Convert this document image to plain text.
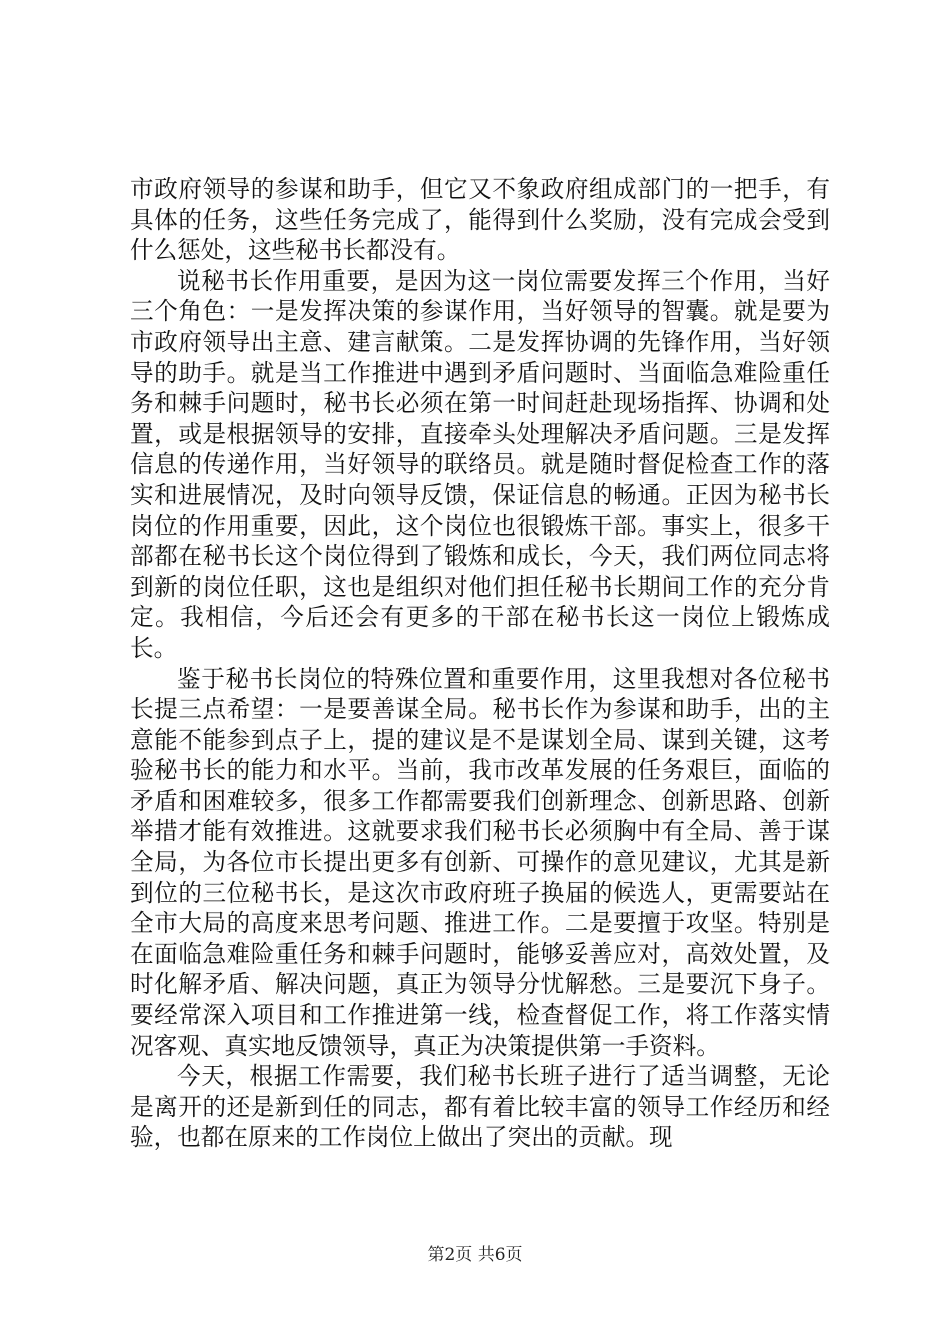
市政府领导的参谋和助手，但它又不象政府组成部门的一把手，有具体的任务，这些任务完成了，能得到什么奖励，没有完成会受到什么惩处，这些秘书长都没有。

说秘书长作用重要，是因为这一岗位需要发挥三个作用，当好三个角色：一是发挥决策的参谋作用，当好领导的智囊。就是要为市政府领导出主意、建言献策。二是发挥协调的先锋作用，当好领导的助手。就是当工作推进中遇到矛盾问题时、当面临急难险重任务和棘手问题时，秘书长必须在第一时间赶赴现场指挥、协调和处置，或是根据领导的安排，直接牵头处理解决矛盾问题。三是发挥信息的传递作用，当好领导的联络员。就是随时督促检查工作的落实和进展情况，及时向领导反馈，保证信息的畅通。正因为秘书长岗位的作用重要，因此，这个岗位也很锻炼干部。事实上，很多干部都在秘书长这个岗位得到了锻炼和成长，今天，我们两位同志将到新的岗位任职，这也是组织对他们担任秘书长期间工作的充分肯定。我相信，今后还会有更多的干部在秘书长这一岗位上锻炼成长。

鉴于秘书长岗位的特殊位置和重要作用，这里我想对各位秘书长提三点希望：一是要善谋全局。秘书长作为参谋和助手，出的主意能不能参到点子上，提的建议是不是谋划全局、谋到关键，这考验秘书长的能力和水平。当前，我市改革发展的任务艰巨，面临的矛盾和困难较多，很多工作都需要我们创新理念、创新思路、创新举措才能有效推进。这就要求我们秘书长必须胸中有全局、善于谋全局，为各位市长提出更多有创新、可操作的意见建议，尤其是新到位的三位秘书长，是这次市政府班子换届的候选人，更需要站在全市大局的高度来思考问题、推进工作。二是要擅于攻坚。特别是在面临急难险重任务和棘手问题时，能够妥善应对，高效处置，及时化解矛盾、解决问题，真正为领导分忧解愁。三是要沉下身子。要经常深入项目和工作推进第一线，检查督促工作，将工作落实情况客观、真实地反馈领导，真正为决策提供第一手资料。

今天，根据工作需要，我们秘书长班子进行了适当调整，无论是离开的还是新到任的同志，都有着比较丰富的领导工作经历和经验，也都在原来的工作岗位上做出了突出的贡献。现

第2页 共6页
